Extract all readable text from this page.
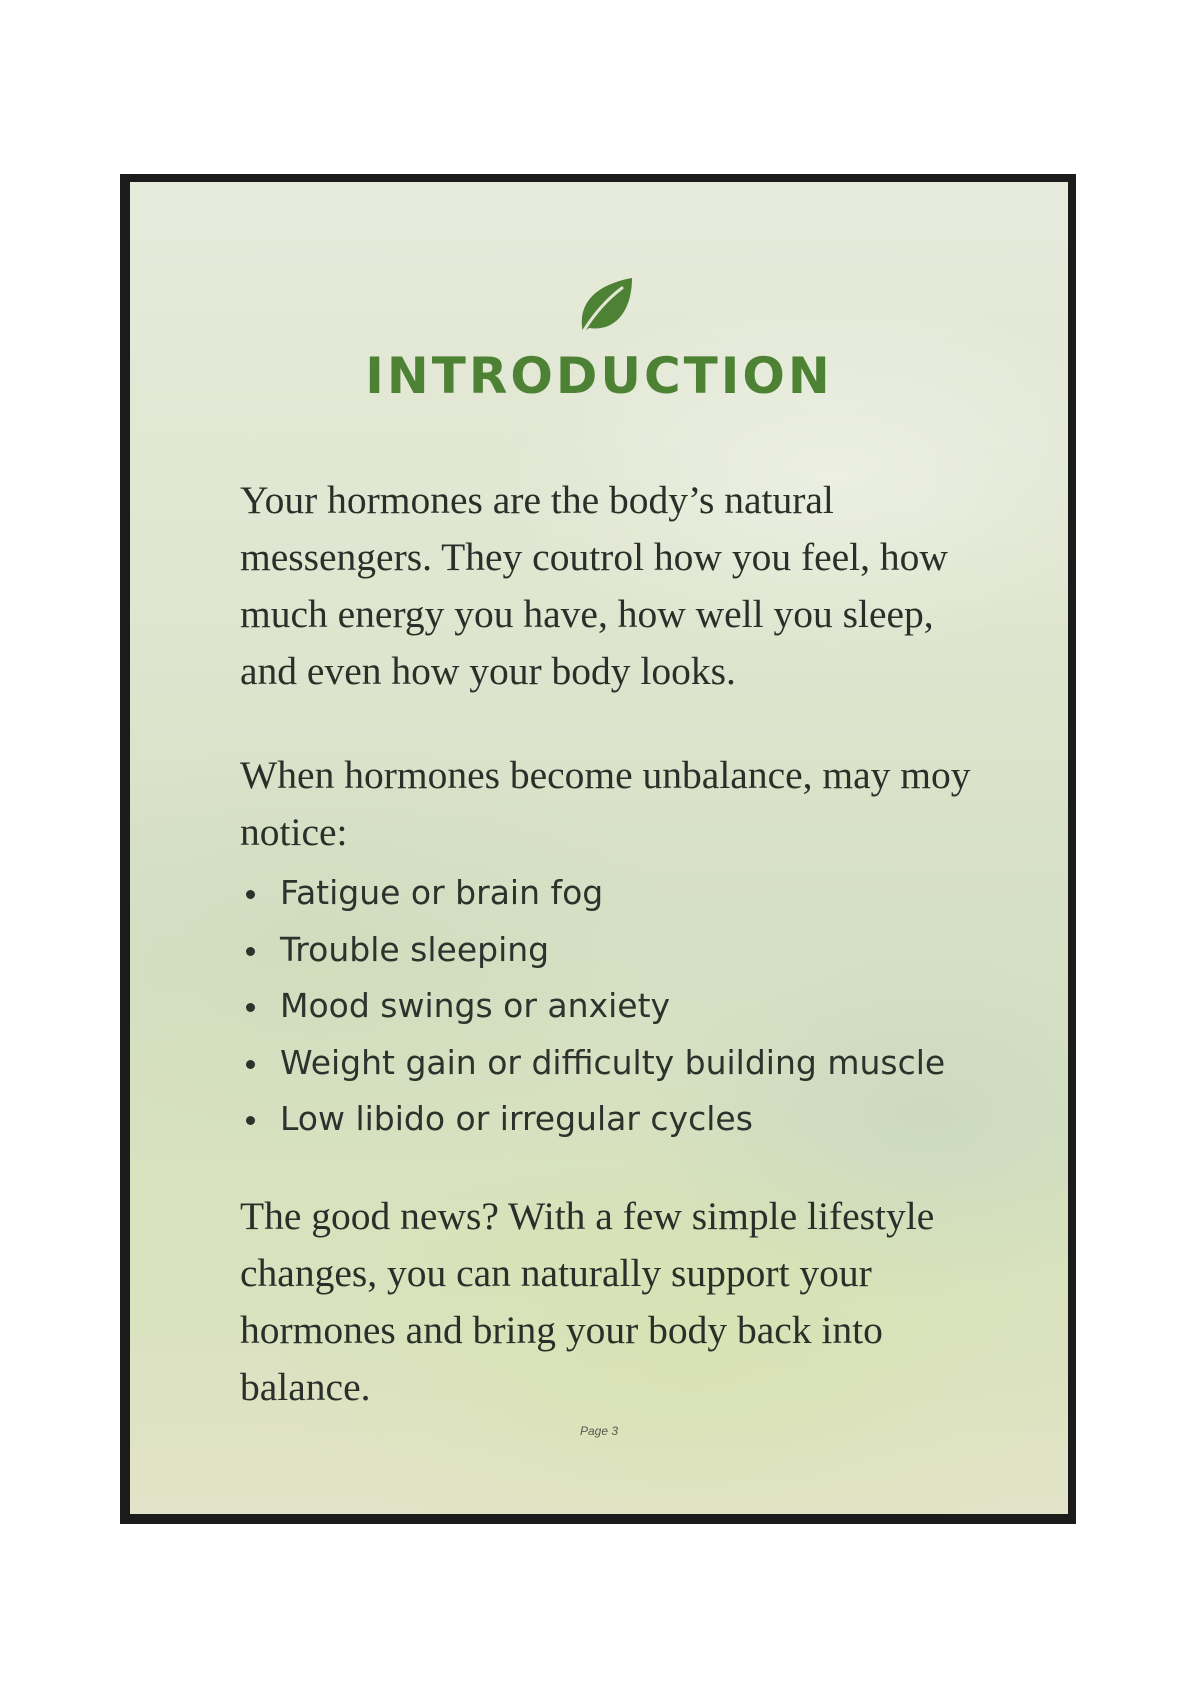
INTRODUCTION

Your hormones are the body’s natural messengers. They coutrol how you feel, how much energy you have, how well you sleep, and even how your body looks.

When hormones become unbalance, may moy notice:

Fatigue or brain fog
Trouble sleeping
Mood swings or anxiety
Weight gain or difficulty building muscle
Low libido or irregular cycles

The good news? With a few simple lifestyle changes, you can naturally support your hormones and bring your body back into balance.

Page 3
